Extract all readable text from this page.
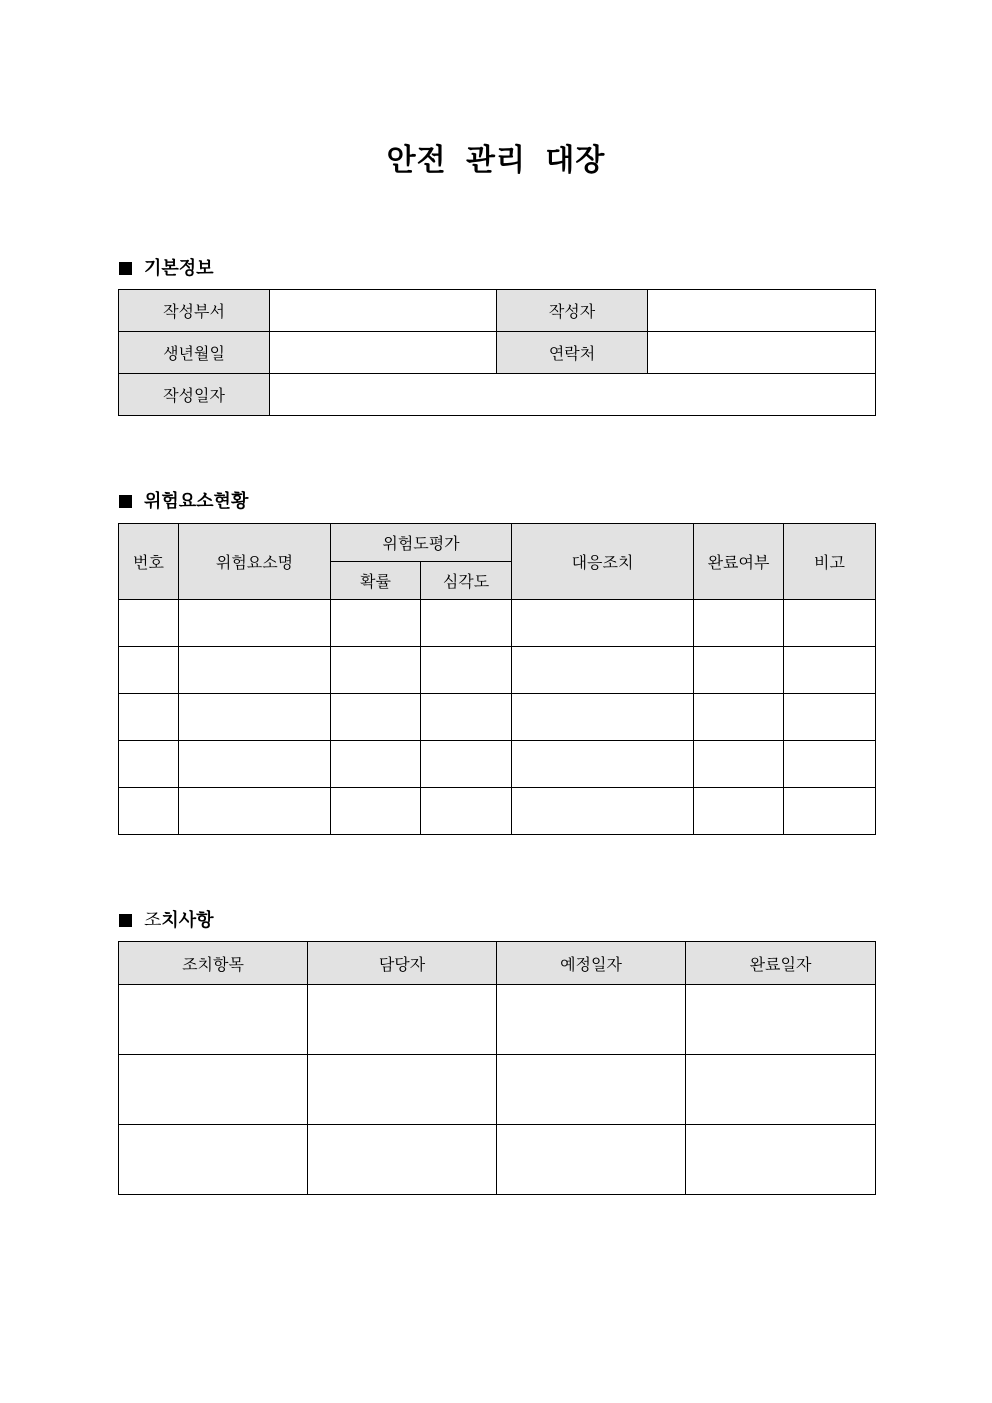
안전 관리 대장
기본정보
작성부서		작성자	
생년월일		연락처	
작성일자			
위험요소현황
번호	위험요소명	위험도평가		대응조치	완료여부	비고
		확률	심각도			

조치사항
조치항목	담당자	예정일자	완료일자
